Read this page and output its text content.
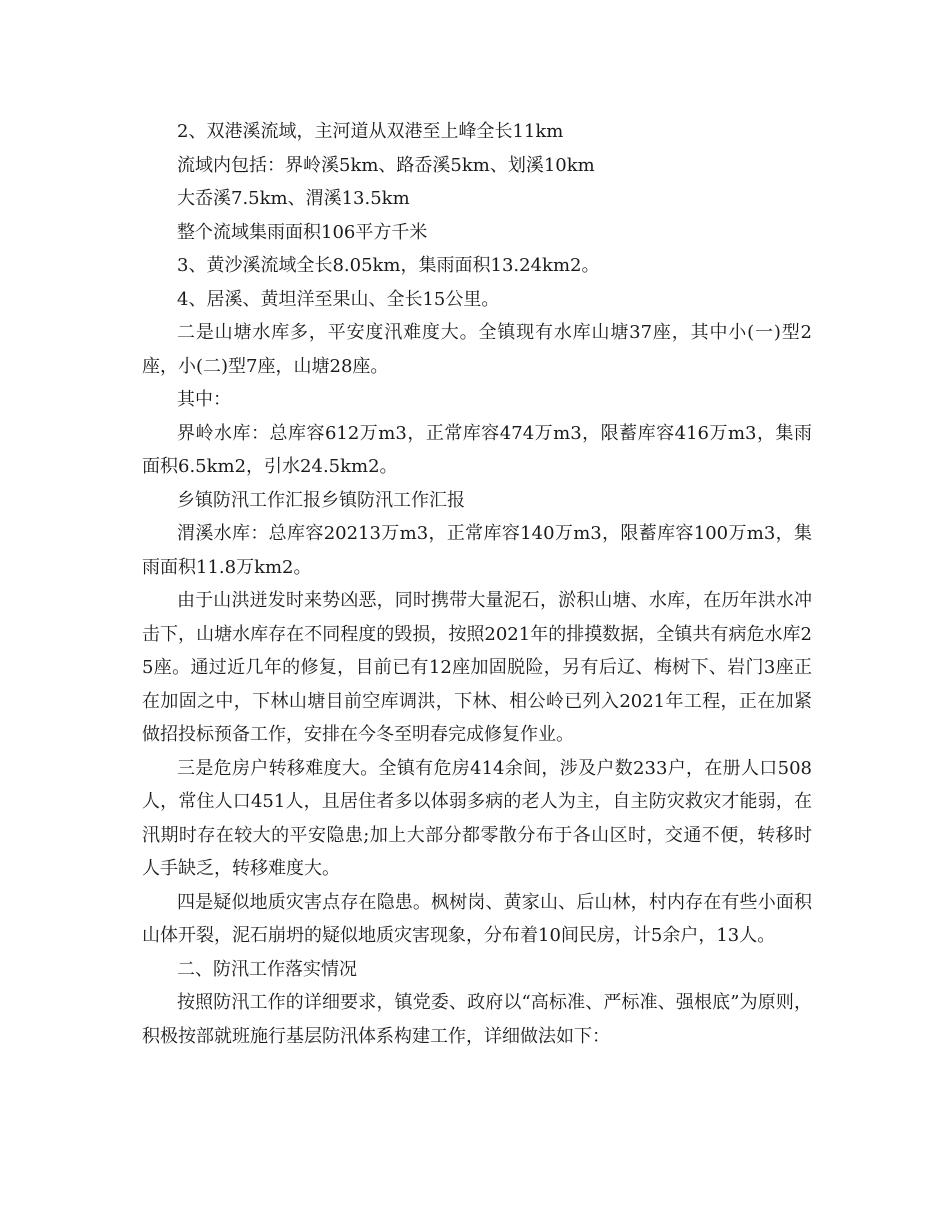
2、双港溪流域，主河道从双港至上峰全长11km

流域内包括：界岭溪5km、路岙溪5km、划溪10km

大岙溪7.5km、渭溪13.5km

整个流域集雨面积106平方千米

3、黄沙溪流域全长8.05km，集雨面积13.24km2。

4、居溪、黄坦洋至果山、全长15公里。

二是山塘水库多，平安度汛难度大。全镇现有水库山塘37座，其中小(一)型2座，小(二)型7座，山塘28座。

其中：

界岭水库：总库容612万m3，正常库容474万m3，限蓄库容416万m3，集雨面积6.5km2，引水24.5km2。

乡镇防汛工作汇报乡镇防汛工作汇报

渭溪水库：总库容20213万m3，正常库容140万m3，限蓄库容100万m3，集雨面积11.8万km2。

由于山洪迸发时来势凶恶，同时携带大量泥石，淤积山塘、水库，在历年洪水冲击下，山塘水库存在不同程度的毁损，按照2021年的排摸数据，全镇共有病危水库25座。通过近几年的修复，目前已有12座加固脱险，另有后辽、梅树下、岩门3座正在加固之中，下林山塘目前空库调洪，下林、相公岭已列入2021年工程，正在加紧做招投标预备工作，安排在今冬至明春完成修复作业。

三是危房户转移难度大。全镇有危房414余间，涉及户数233户，在册人口508人，常住人口451人，且居住者多以体弱多病的老人为主，自主防灾救灾才能弱，在汛期时存在较大的平安隐患;加上大部分都零散分布于各山区时，交通不便，转移时人手缺乏，转移难度大。

四是疑似地质灾害点存在隐患。枫树岗、黄家山、后山林，村内存在有些小面积山体开裂，泥石崩坍的疑似地质灾害现象，分布着10间民房，计5余户，13人。

二、防汛工作落实情况

按照防汛工作的详细要求，镇党委、政府以“高标准、严标准、强根底”为原则，积极按部就班施行基层防汛体系构建工作，详细做法如下：
